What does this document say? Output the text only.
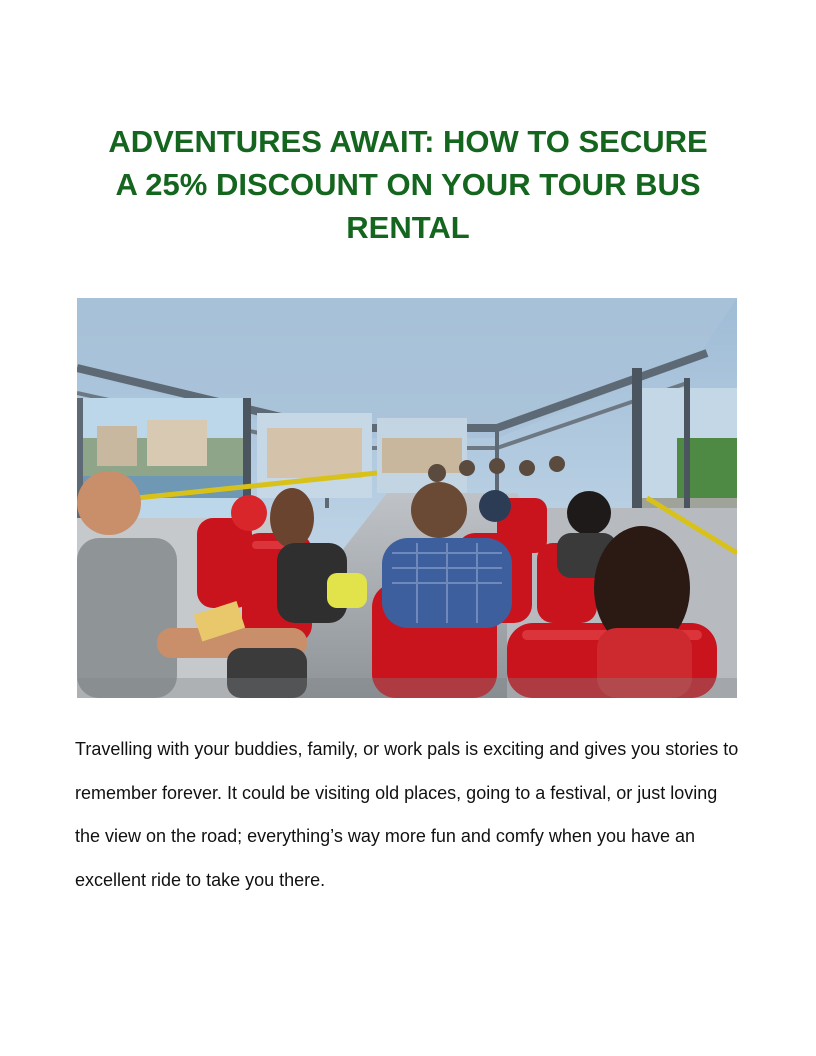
ADVENTURES AWAIT: HOW TO SECURE
A 25% DISCOUNT ON YOUR TOUR BUS
RENTAL

Travelling with your buddies, family, or work pals is exciting and gives you stories to remember forever. It could be visiting old places, going to a festival, or just loving the view on the road; everything’s way more fun and comfy when you have an excellent ride to take you there.
